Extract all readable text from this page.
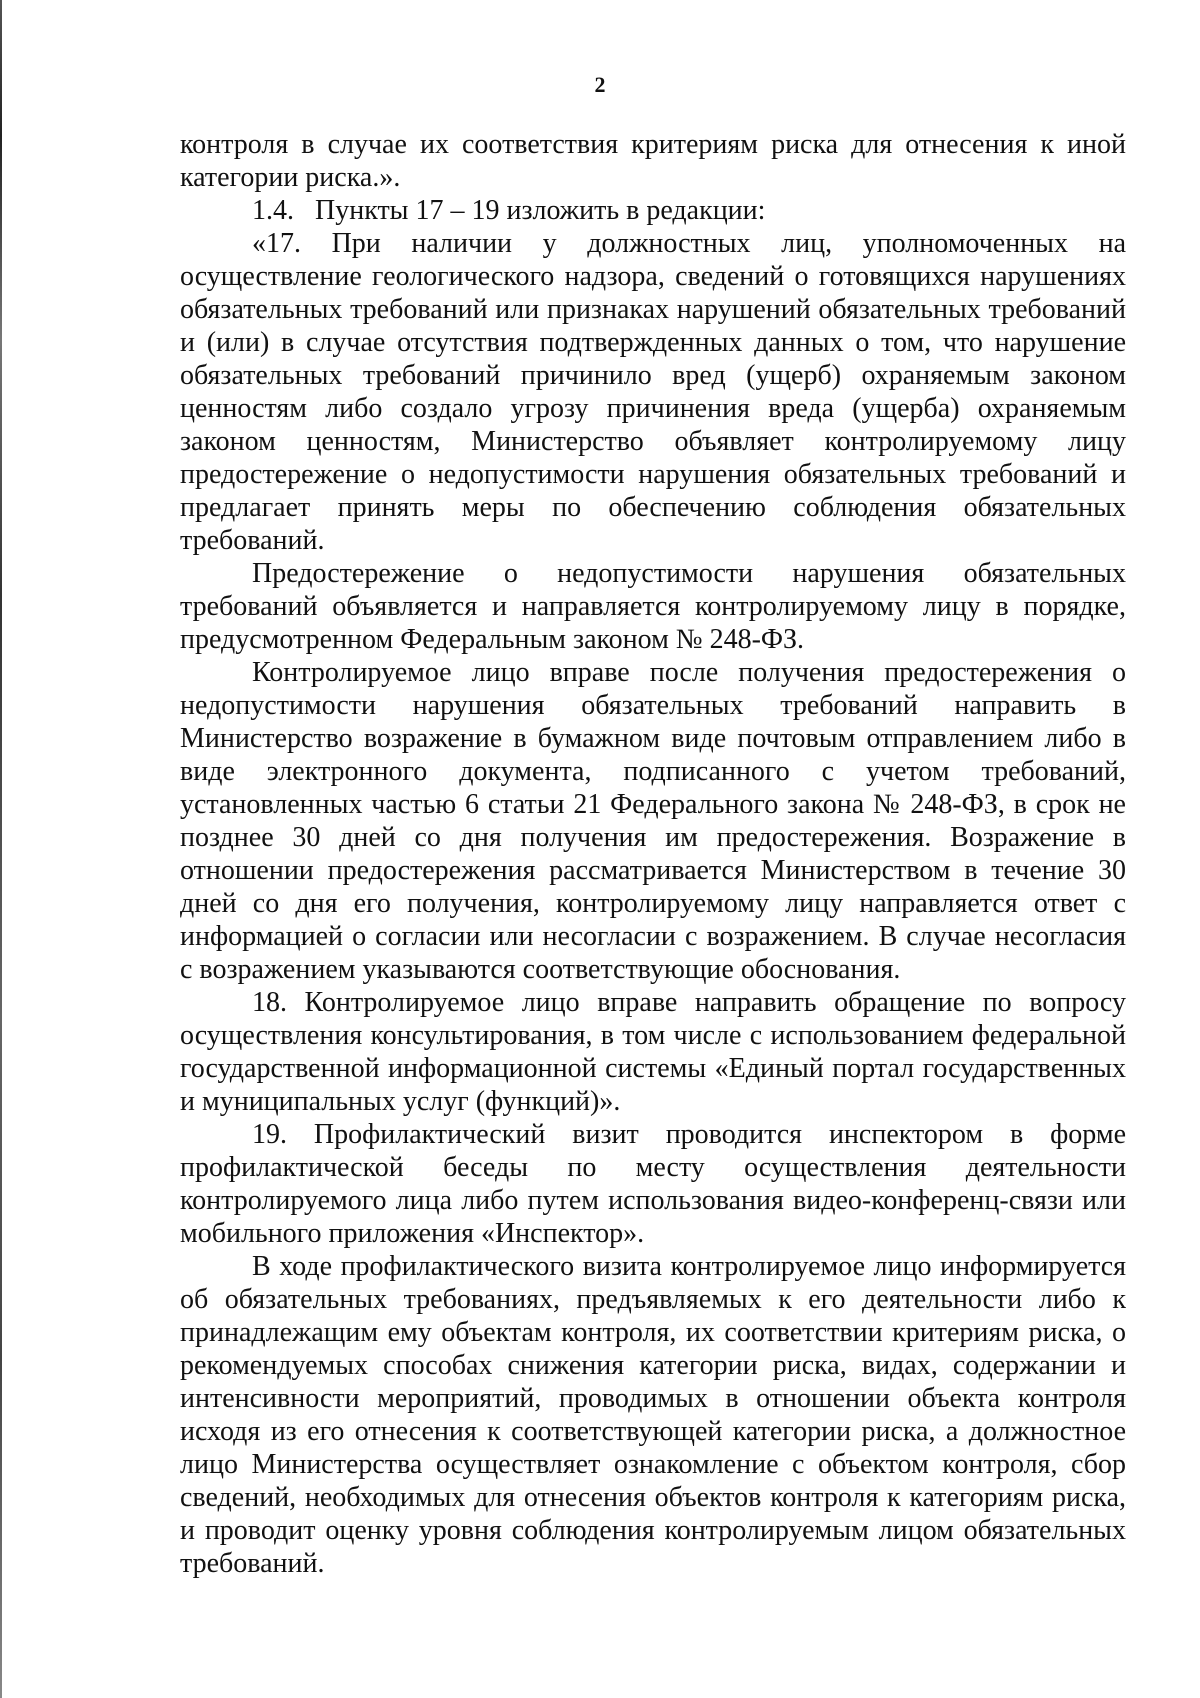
2

контроля в случае их соответствия критериям риска для отнесения к иной категории риска.».

1.4.   Пункты 17 – 19 изложить в редакции:

«17. При наличии у должностных лиц, уполномоченных на осуществление геологического надзора, сведений о готовящихся нарушениях обязательных требований или признаках нарушений обязательных требований и (или) в случае отсутствия подтвержденных данных о том, что нарушение обязательных требований причинило вред (ущерб) охраняемым законом ценностям либо создало угрозу причинения вреда (ущерба) охраняемым законом ценностям, Министерство объявляет контролируемому лицу предостережение о недопустимости нарушения обязательных требований и предлагает принять меры по обеспечению соблюдения обязательных требований.

Предостережение о недопустимости нарушения обязательных требований объявляется и направляется контролируемому лицу в порядке, предусмотренном Федеральным законом № 248-ФЗ.

Контролируемое лицо вправе после получения предостережения о недопустимости нарушения обязательных требований направить в Министерство возражение в бумажном виде почтовым отправлением либо в виде электронного документа, подписанного с учетом требований, установленных частью 6 статьи 21 Федерального закона № 248-ФЗ, в срок не позднее 30 дней со дня получения им предостережения. Возражение в отношении предостережения рассматривается Министерством в течение 30 дней со дня его получения, контролируемому лицу направляется ответ с информацией о согласии или несогласии с возражением. В случае несогласия с возражением указываются соответствующие обоснования.

18. Контролируемое лицо вправе направить обращение по вопросу осуществления консультирования, в том числе с использованием федеральной государственной информационной системы «Единый портал государственных и муниципальных услуг (функций)».

19. Профилактический визит проводится инспектором в форме профилактической беседы по месту осуществления деятельности контролируемого лица либо путем использования видео-конференц-связи или мобильного приложения «Инспектор».

В ходе профилактического визита контролируемое лицо информируется об обязательных требованиях, предъявляемых к его деятельности либо к принадлежащим ему объектам контроля, их соответствии критериям риска, о рекомендуемых способах снижения категории риска, видах, содержании и интенсивности мероприятий, проводимых в отношении объекта контроля исходя из его отнесения к соответствующей категории риска, а должностное лицо Министерства осуществляет ознакомление с объектом контроля, сбор сведений, необходимых для отнесения объектов контроля к категориям риска, и проводит оценку уровня соблюдения контролируемым лицом обязательных требований.
